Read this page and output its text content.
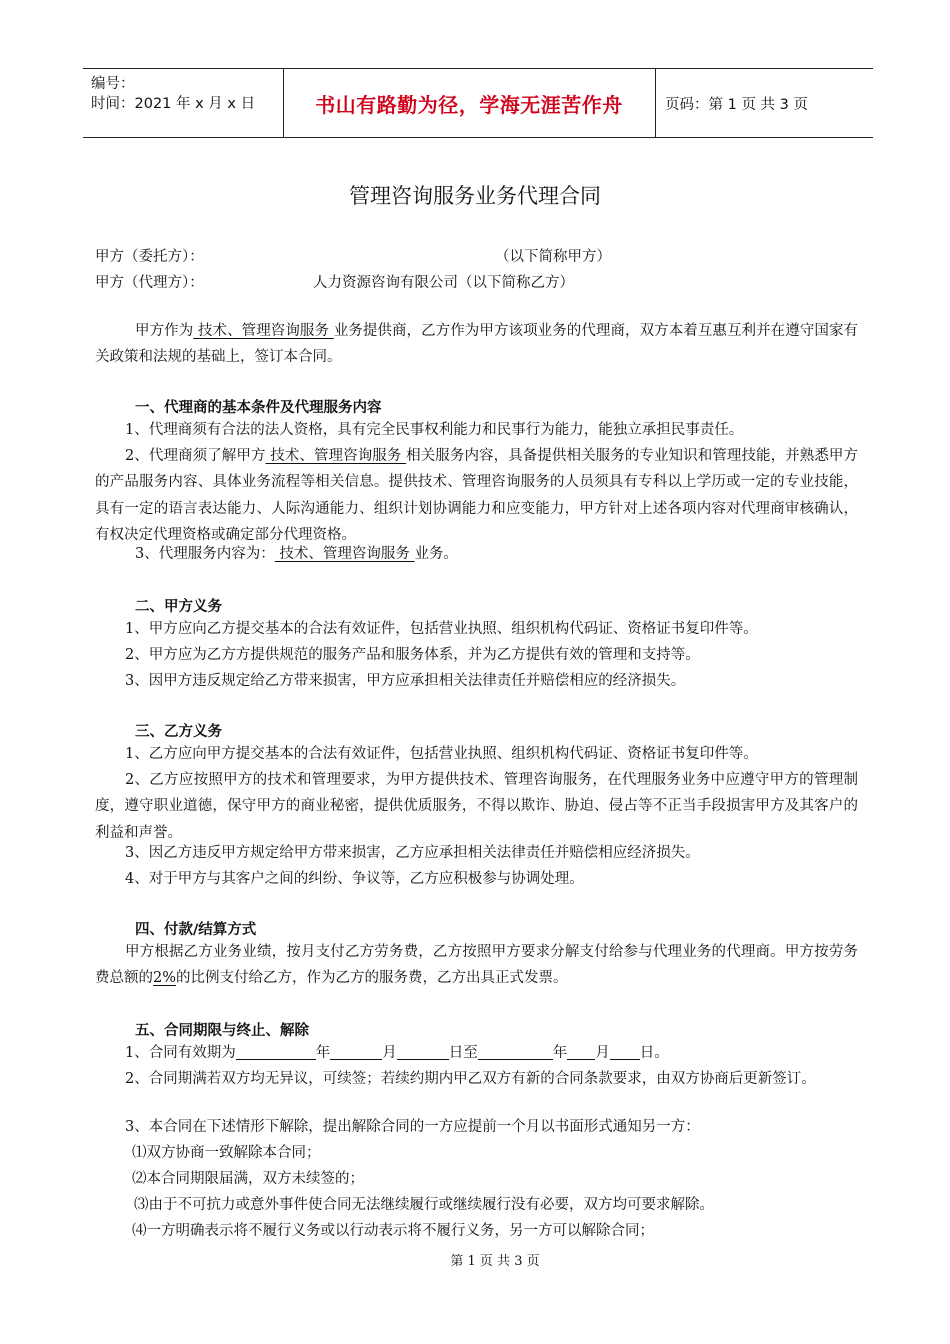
编号：
时间：2021 年 x 月 x 日	书山有路勤为径，学海无涯苦作舟	页码：第 1 页 共 3 页
管理咨询服务业务代理合同
甲方（委托方）：	（以下简称甲方）
甲方（代理方）：	人力资源咨询有限公司（以下简称乙方）
甲方作为 技术、管理咨询服务 业务提供商，乙方作为甲方该项业务的代理商，双方本着互惠互利并在遵守国家有关政策和法规的基础上，签订本合同。
一、代理商的基本条件及代理服务内容
1、代理商须有合法的法人资格，具有完全民事权利能力和民事行为能力，能独立承担民事责任。
2、代理商须了解甲方 技术、管理咨询服务 相关服务内容，具备提供相关服务的专业知识和管理技能，并熟悉甲方的产品服务内容、具体业务流程等相关信息。提供技术、管理咨询服务的人员须具有专科以上学历或一定的专业技能，具有一定的语言表达能力、人际沟通能力、组织计划协调能力和应变能力，甲方针对上述各项内容对代理商审核确认，有权决定代理资格或确定部分代理资格。
3、代理服务内容为： 技术、管理咨询服务 业务。
二、甲方义务
1、甲方应向乙方提交基本的合法有效证件，包括营业执照、组织机构代码证、资格证书复印件等。
2、甲方应为乙方方提供规范的服务产品和服务体系，并为乙方提供有效的管理和支持等。
3、因甲方违反规定给乙方带来损害，甲方应承担相关法律责任并赔偿相应的经济损失。
三、乙方义务
1、乙方应向甲方提交基本的合法有效证件，包括营业执照、组织机构代码证、资格证书复印件等。
2、乙方应按照甲方的技术和管理要求，为甲方提供技术、管理咨询服务，在代理服务业务中应遵守甲方的管理制度，遵守职业道德，保守甲方的商业秘密，提供优质服务，不得以欺诈、胁迫、侵占等不正当手段损害甲方及其客户的利益和声誉。
3、因乙方违反甲方规定给甲方带来损害，乙方应承担相关法律责任并赔偿相应经济损失。
4、对于甲方与其客户之间的纠纷、争议等，乙方应积极参与协调处理。
四、付款/结算方式
甲方根据乙方业务业绩，按月支付乙方劳务费，乙方按照甲方要求分解支付给参与代理业务的代理商。甲方按劳务费总额的2%的比例支付给乙方，作为乙方的服务费，乙方出具正式发票。
五、合同期限与终止、解除
1、合同有效期为	年	月	日至	年 月 日。
2、合同期满若双方均无异议，可续签；若续约期内甲乙双方有新的合同条款要求，由双方协商后更新签订。
3、本合同在下述情形下解除，提出解除合同的一方应提前一个月以书面形式通知另一方：
⑴双方协商一致解除本合同；
⑵本合同期限届满，双方未续签的；
⑶由于不可抗力或意外事件使合同无法继续履行或继续履行没有必要，双方均可要求解除。
⑷一方明确表示将不履行义务或以行动表示将不履行义务，另一方可以解除合同；
第 1 页 共 3 页
